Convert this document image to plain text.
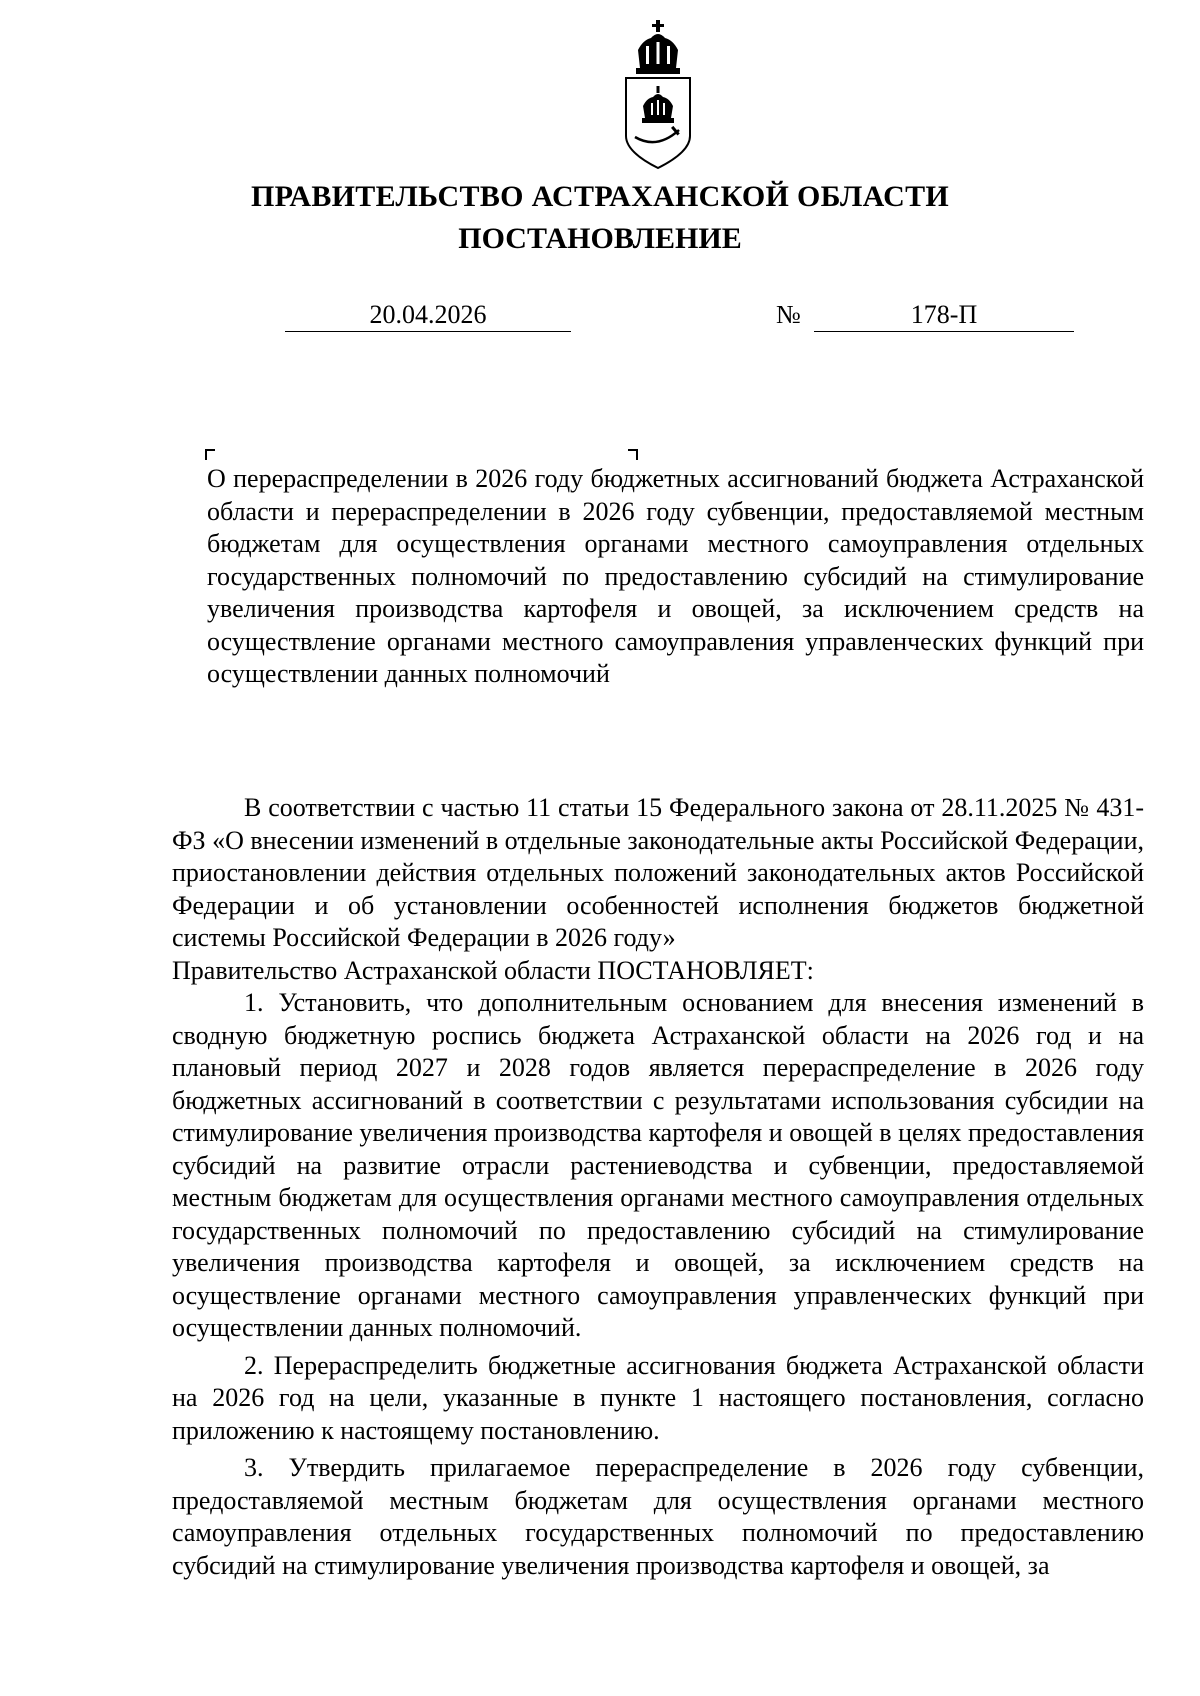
ПРАВИТЕЛЬСТВО АСТРАХАНСКОЙ ОБЛАСТИ
ПОСТАНОВЛЕНИЕ
20.04.2026	№	178-П

О перераспределении в 2026 году бюджетных ассигнований бюджета Астраханской области и перераспределении в 2026 году субвенции, предоставляемой местным бюджетам для осуществления органами местного самоуправления отдельных государственных полномочий по предоставлению субсидий на стимулирование увеличения производства картофеля и овощей, за исключением средств на осуществление органами местного самоуправления управленческих функций при осуществлении данных полномочий

В соответствии с частью 11 статьи 15 Федерального закона от 28.11.2025 № 431-ФЗ «О внесении изменений в отдельные законодательные акты Российской Федерации, приостановлении действия отдельных положений законодательных актов Российской Федерации и об установлении особенностей исполнения бюджетов бюджетной системы Российской Федерации в 2026 году»

Правительство Астраханской области ПОСТАНОВЛЯЕТ:

1. Установить, что дополнительным основанием для внесения изменений в сводную бюджетную роспись бюджета Астраханской области на 2026 год и на плановый период 2027 и 2028 годов является перераспределение в 2026 году бюджетных ассигнований в соответствии с результатами использования субсидии на стимулирование увеличения производства картофеля и овощей в целях предоставления субсидий на развитие отрасли растениеводства и субвенции, предоставляемой местным бюджетам для осуществления органами местного самоуправления отдельных государственных полномочий по предоставлению субсидий на стимулирование увеличения производства картофеля и овощей, за исключением средств на осуществление органами местного самоуправления управленческих функций при осуществлении данных полномочий.

2. Перераспределить бюджетные ассигнования бюджета Астраханской области на 2026 год на цели, указанные в пункте 1 настоящего постановления, согласно приложению к настоящему постановлению.

3. Утвердить прилагаемое перераспределение в 2026 году субвенции, предоставляемой местным бюджетам для осуществления органами местного самоуправления отдельных государственных полномочий по предоставлению субсидий на стимулирование увеличения производства картофеля и овощей, за
